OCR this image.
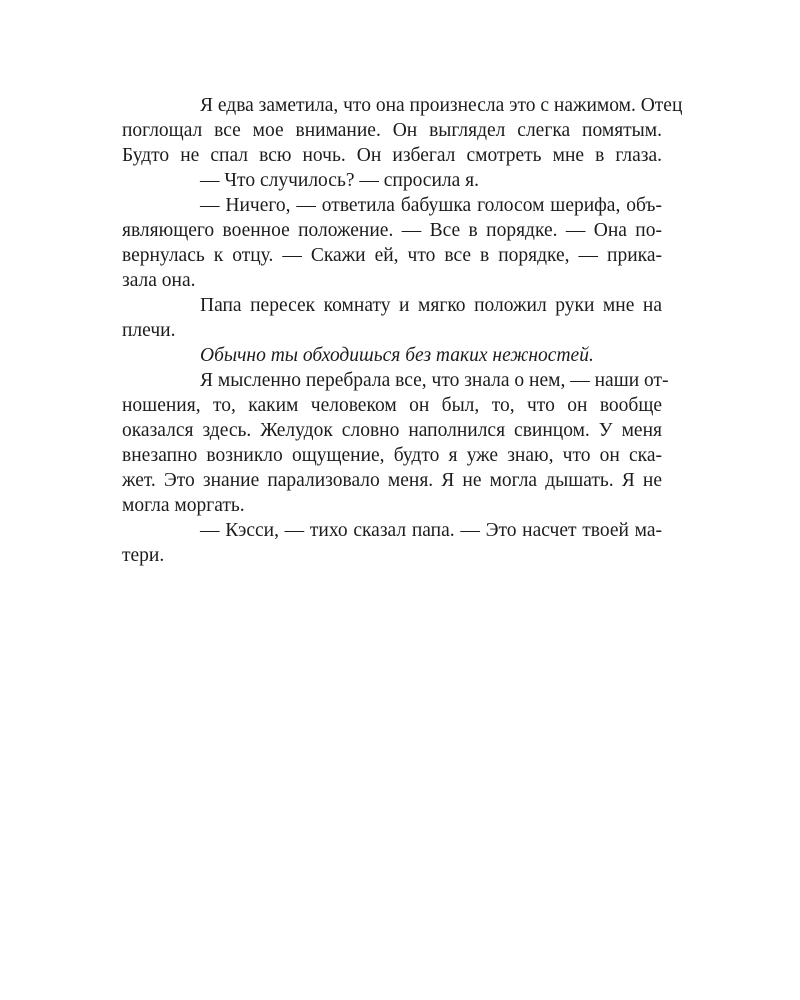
Я едва заметила, что она произнесла это с нажимом. Отец
поглощал все мое внимание. Он выглядел слегка помятым.
Будто не спал всю ночь. Он избегал смотреть мне в глаза.
— Что случилось? — спросила я.
— Ничего, — ответила бабушка голосом шерифа, объ-
являющего военное положение. — Все в порядке. — Она по-
вернулась к отцу. — Скажи ей, что все в порядке, — прика-
зала она.
Папа пересек комнату и мягко положил руки мне на
плечи.
Обычно ты обходишься без таких нежностей.
Я мысленно перебрала все, что знала о нем, — наши от-
ношения, то, каким человеком он был, то, что он вообще
оказался здесь. Желудок словно наполнился свинцом. У меня
внезапно возникло ощущение, будто я уже знаю, что он ска-
жет. Это знание парализовало меня. Я не могла дышать. Я не
могла моргать.
— Кэсси, — тихо сказал папа. — Это насчет твоей ма-
тери.
